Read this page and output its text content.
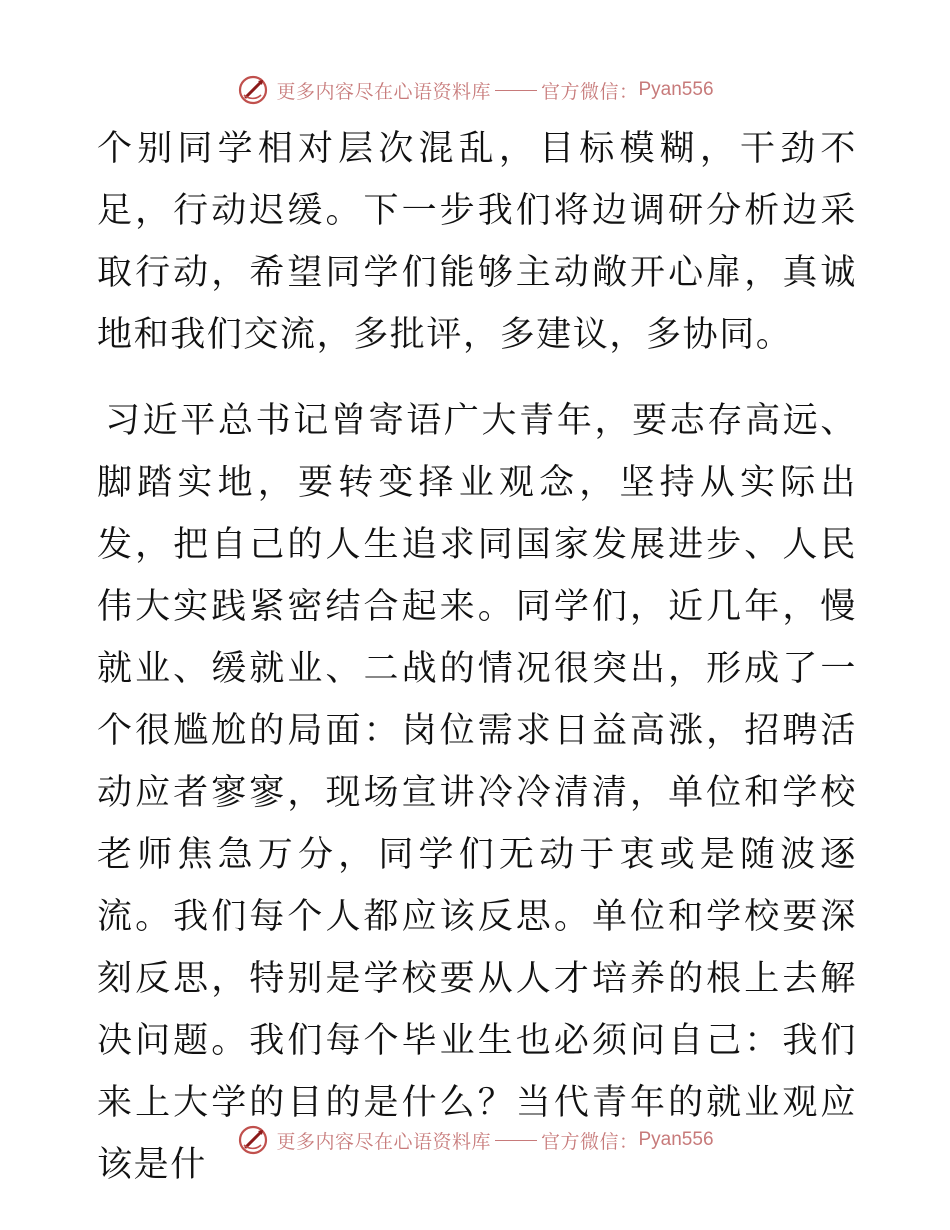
更多内容尽在心语资料库	官方微信： Pyan556

个别同学相对层次混乱，目标模糊，干劲不足，行动迟缓。下一步我们将边调研分析边采取行动，希望同学们能够主动敞开心扉，真诚地和我们交流，多批评，多建议，多协同。

习近平总书记曾寄语广大青年，要志存高远、脚踏实地，要转变择业观念，坚持从实际出发，把自己的人生追求同国家发展进步、人民伟大实践紧密结合起来。同学们，近几年，慢就业、缓就业、二战的情况很突出，形成了一个很尴尬的局面：岗位需求日益高涨，招聘活动应者寥寥，现场宣讲冷冷清清，单位和学校老师焦急万分，同学们无动于衷或是随波逐流。我们每个人都应该反思。单位和学校要深刻反思，特别是学校要从人才培养的根上去解决问题。我们每个毕业生也必须问自己：我们来上大学的目的是什么？当代青年的就业观应该是什

更多内容尽在心语资料库	官方微信： Pyan556
